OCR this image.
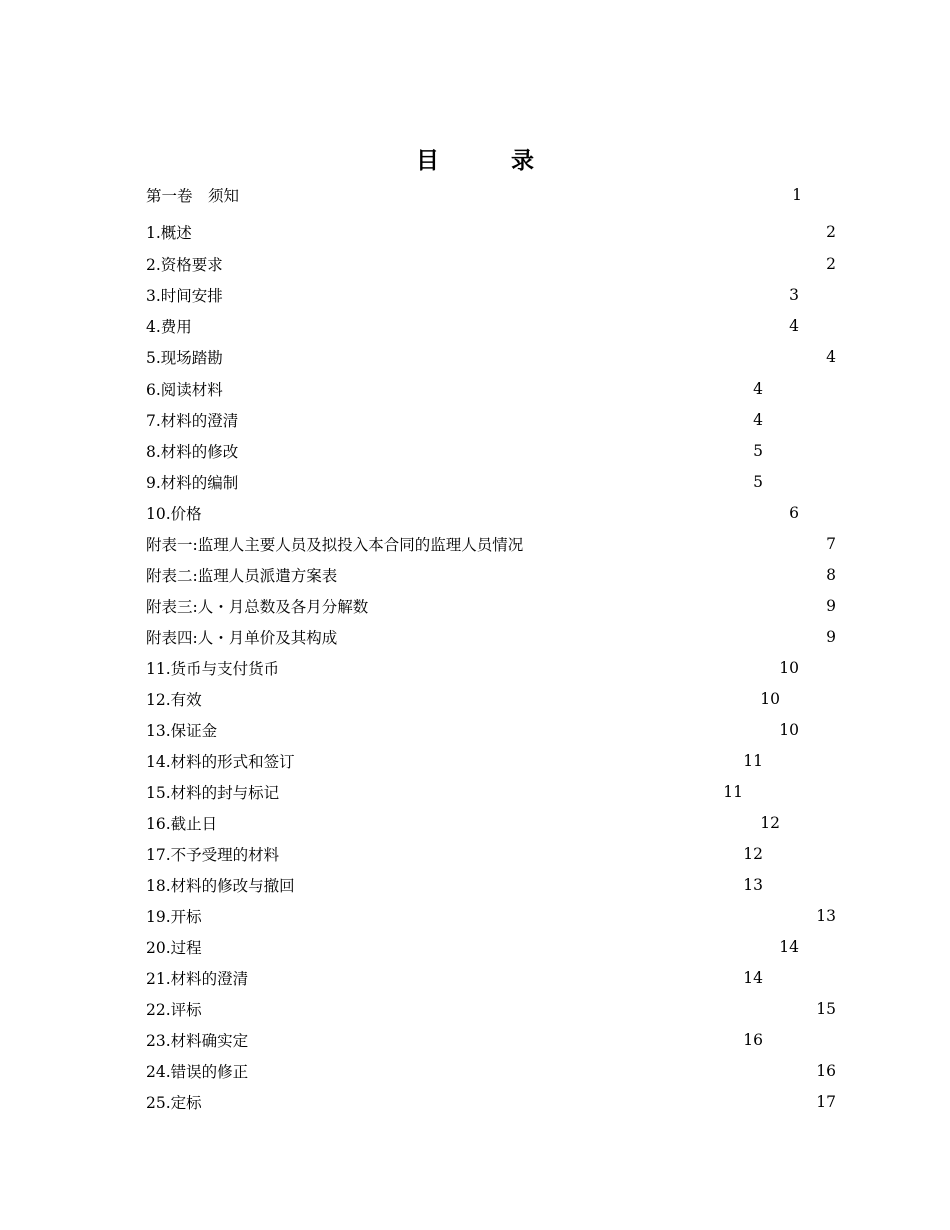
目	录
第一卷　须知	1
1.概述	2
2.资格要求	2
3.时间安排	3
4.费用	4
5.现场踏勘	4
6.阅读材料	4
7.材料的澄清	4
8.材料的修改	5
9.材料的编制	5
10.价格	6
附表一:监理人主要人员及拟投入本合同的监理人员情况	7
附表二:监理人员派遣方案表	8
附表三:人・月总数及各月分解数	9
附表四:人・月单价及其构成	9
11.货币与支付货币	10
12.有效	10
13.保证金	10
14.材料的形式和签订	11
15.材料的封与标记	11
16.截止日	12
17.不予受理的材料	12
18.材料的修改与撤回	13
19.开标	13
20.过程	14
21.材料的澄清	14
22.评标	15
23.材料确实定	16
24.错误的修正	16
25.定标	17
